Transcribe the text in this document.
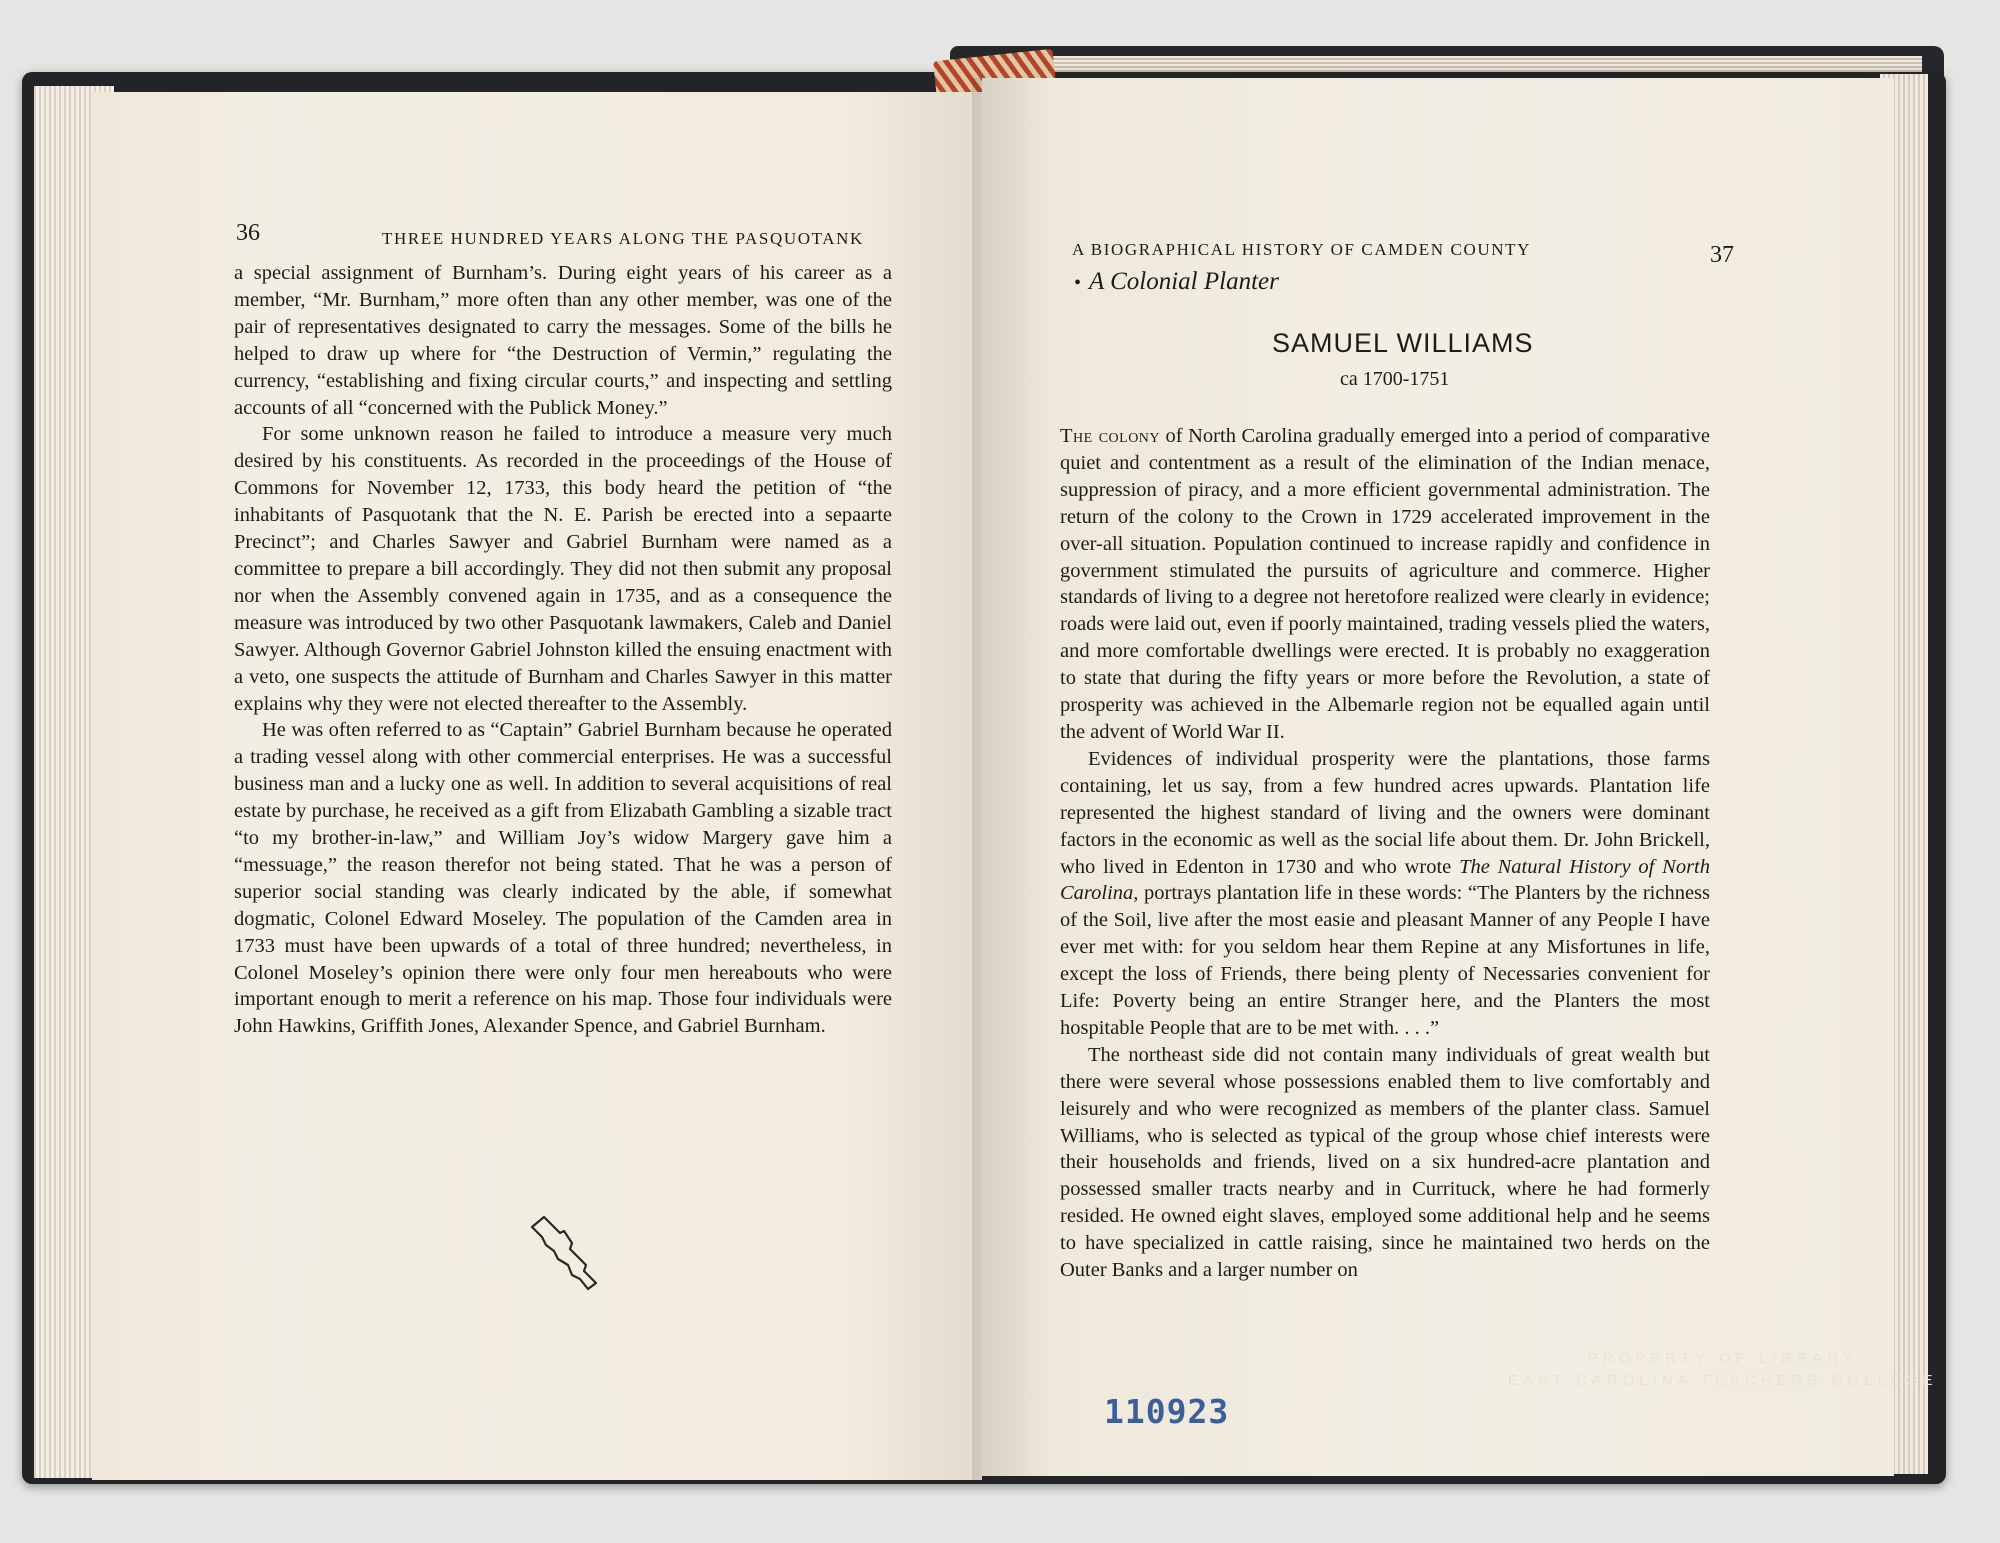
36	THREE HUNDRED YEARS ALONG THE PASQUOTANK

a special assignment of Burnham’s. During eight years of his career as a member, “Mr. Burnham,” more often than any other member, was one of the pair of representatives designated to carry the messages. Some of the bills he helped to draw up where for “the Destruction of Vermin,” regulating the currency, “establishing and fixing circular courts,” and inspecting and settling accounts of all “concerned with the Publick Money.”

For some unknown reason he failed to introduce a measure very much desired by his constituents. As recorded in the proceedings of the House of Commons for November 12, 1733, this body heard the petition of “the inhabitants of Pasquotank that the N. E. Parish be erected into a sepaarte Precinct”; and Charles Sawyer and Gabriel Burnham were named as a committee to prepare a bill accordingly. They did not then submit any proposal nor when the Assembly convened again in 1735, and as a consequence the measure was introduced by two other Pasquotank lawmakers, Caleb and Daniel Sawyer. Although Governor Gabriel Johnston killed the ensuing enactment with a veto, one suspects the attitude of Burnham and Charles Sawyer in this matter explains why they were not elected thereafter to the Assembly.

He was often referred to as “Captain” Gabriel Burnham because he operated a trading vessel along with other commercial enterprises. He was a successful business man and a lucky one as well. In addition to several acquisitions of real estate by purchase, he received as a gift from Elizabath Gambling a sizable tract “to my brother-in-law,” and William Joy’s widow Margery gave him a “messuage,” the reason therefor not being stated. That he was a person of superior social standing was clearly indicated by the able, if somewhat dogmatic, Colonel Edward Moseley. The population of the Camden area in 1733 must have been upwards of a total of three hundred; nevertheless, in Colonel Moseley’s opinion there were only four men hereabouts who were important enough to merit a reference on his map. Those four individuals were John Hawkins, Griffith Jones, Alexander Spence, and Gabriel Burnham.

A BIOGRAPHICAL HISTORY OF CAMDEN COUNTY	37
• A Colonial Planter
SAMUEL WILLIAMS
ca 1700-1751

The colony of North Carolina gradually emerged into a period of comparative quiet and contentment as a result of the elimination of the Indian menace, suppression of piracy, and a more efficient governmental administration. The return of the colony to the Crown in 1729 accelerated improvement in the over-all situation. Population continued to increase rapidly and confidence in government stimulated the pursuits of agriculture and commerce. Higher standards of living to a degree not heretofore realized were clearly in evidence; roads were laid out, even if poorly maintained, trading vessels plied the waters, and more comfortable dwellings were erected. It is probably no exaggeration to state that during the fifty years or more before the Revolution, a state of prosperity was achieved in the Albemarle region not be equalled again until the advent of World War II.

Evidences of individual prosperity were the plantations, those farms containing, let us say, from a few hundred acres upwards. Plantation life represented the highest standard of living and the owners were dominant factors in the economic as well as the social life about them. Dr. John Brickell, who lived in Edenton in 1730 and who wrote The Natural History of North Carolina, portrays plantation life in these words: “The Planters by the richness of the Soil, live after the most easie and pleasant Manner of any People I have ever met with: for you seldom hear them Repine at any Misfortunes in life, except the loss of Friends, there being plenty of Necessaries convenient for Life: Poverty being an entire Stranger here, and the Planters the most hospitable People that are to be met with. . . .”

The northeast side did not contain many individuals of great wealth but there were several whose possessions enabled them to live comfortably and leisurely and who were recognized as members of the planter class. Samuel Williams, who is selected as typical of the group whose chief interests were their households and friends, lived on a six hundred-acre plantation and possessed smaller tracts nearby and in Currituck, where he had formerly resided. He owned eight slaves, employed some additional help and he seems to have specialized in cattle raising, since he maintained two herds on the Outer Banks and a larger number on

110923
PROPERTY OF LIBRARY
EAST CAROLINA TEACHERS COLLEGE
